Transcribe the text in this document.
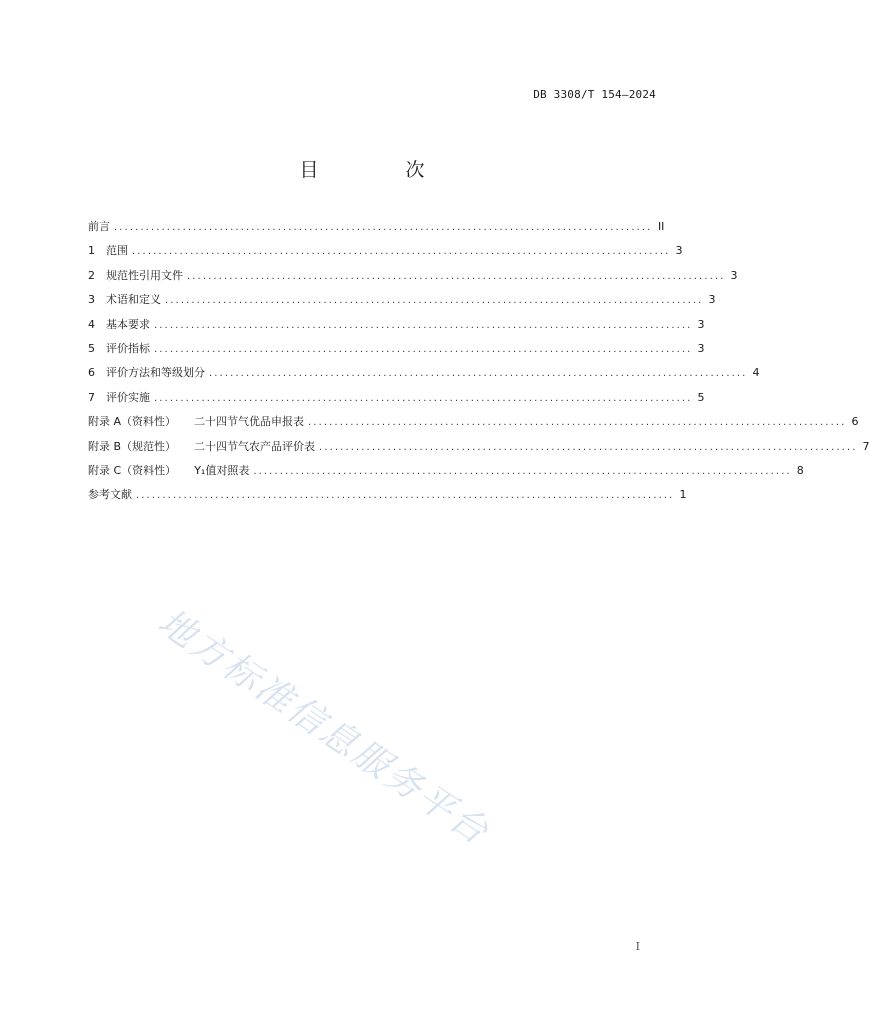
DB 3308/T 154—2024
目　次
前言 ...................................................................................................... II
1	范围 ...................................................................................................... 3
2	规范性引用文件 ...................................................................................................... 3
3	术语和定义 ...................................................................................................... 3
4	基本要求 ...................................................................................................... 3
5	评价指标 ...................................................................................................... 3
6	评价方法和等级划分 ...................................................................................................... 4
7	评价实施 ...................................................................................................... 5
附录 A（资料性） 二十四节气优品申报表 ...................................................................................................... 6
附录 B（规范性） 二十四节气农产品评价表 ...................................................................................................... 7
附录 C（资料性） Y₁值对照表 ...................................................................................................... 8
参考文献 ...................................................................................................... 1
地方标准信息服务平台
I
